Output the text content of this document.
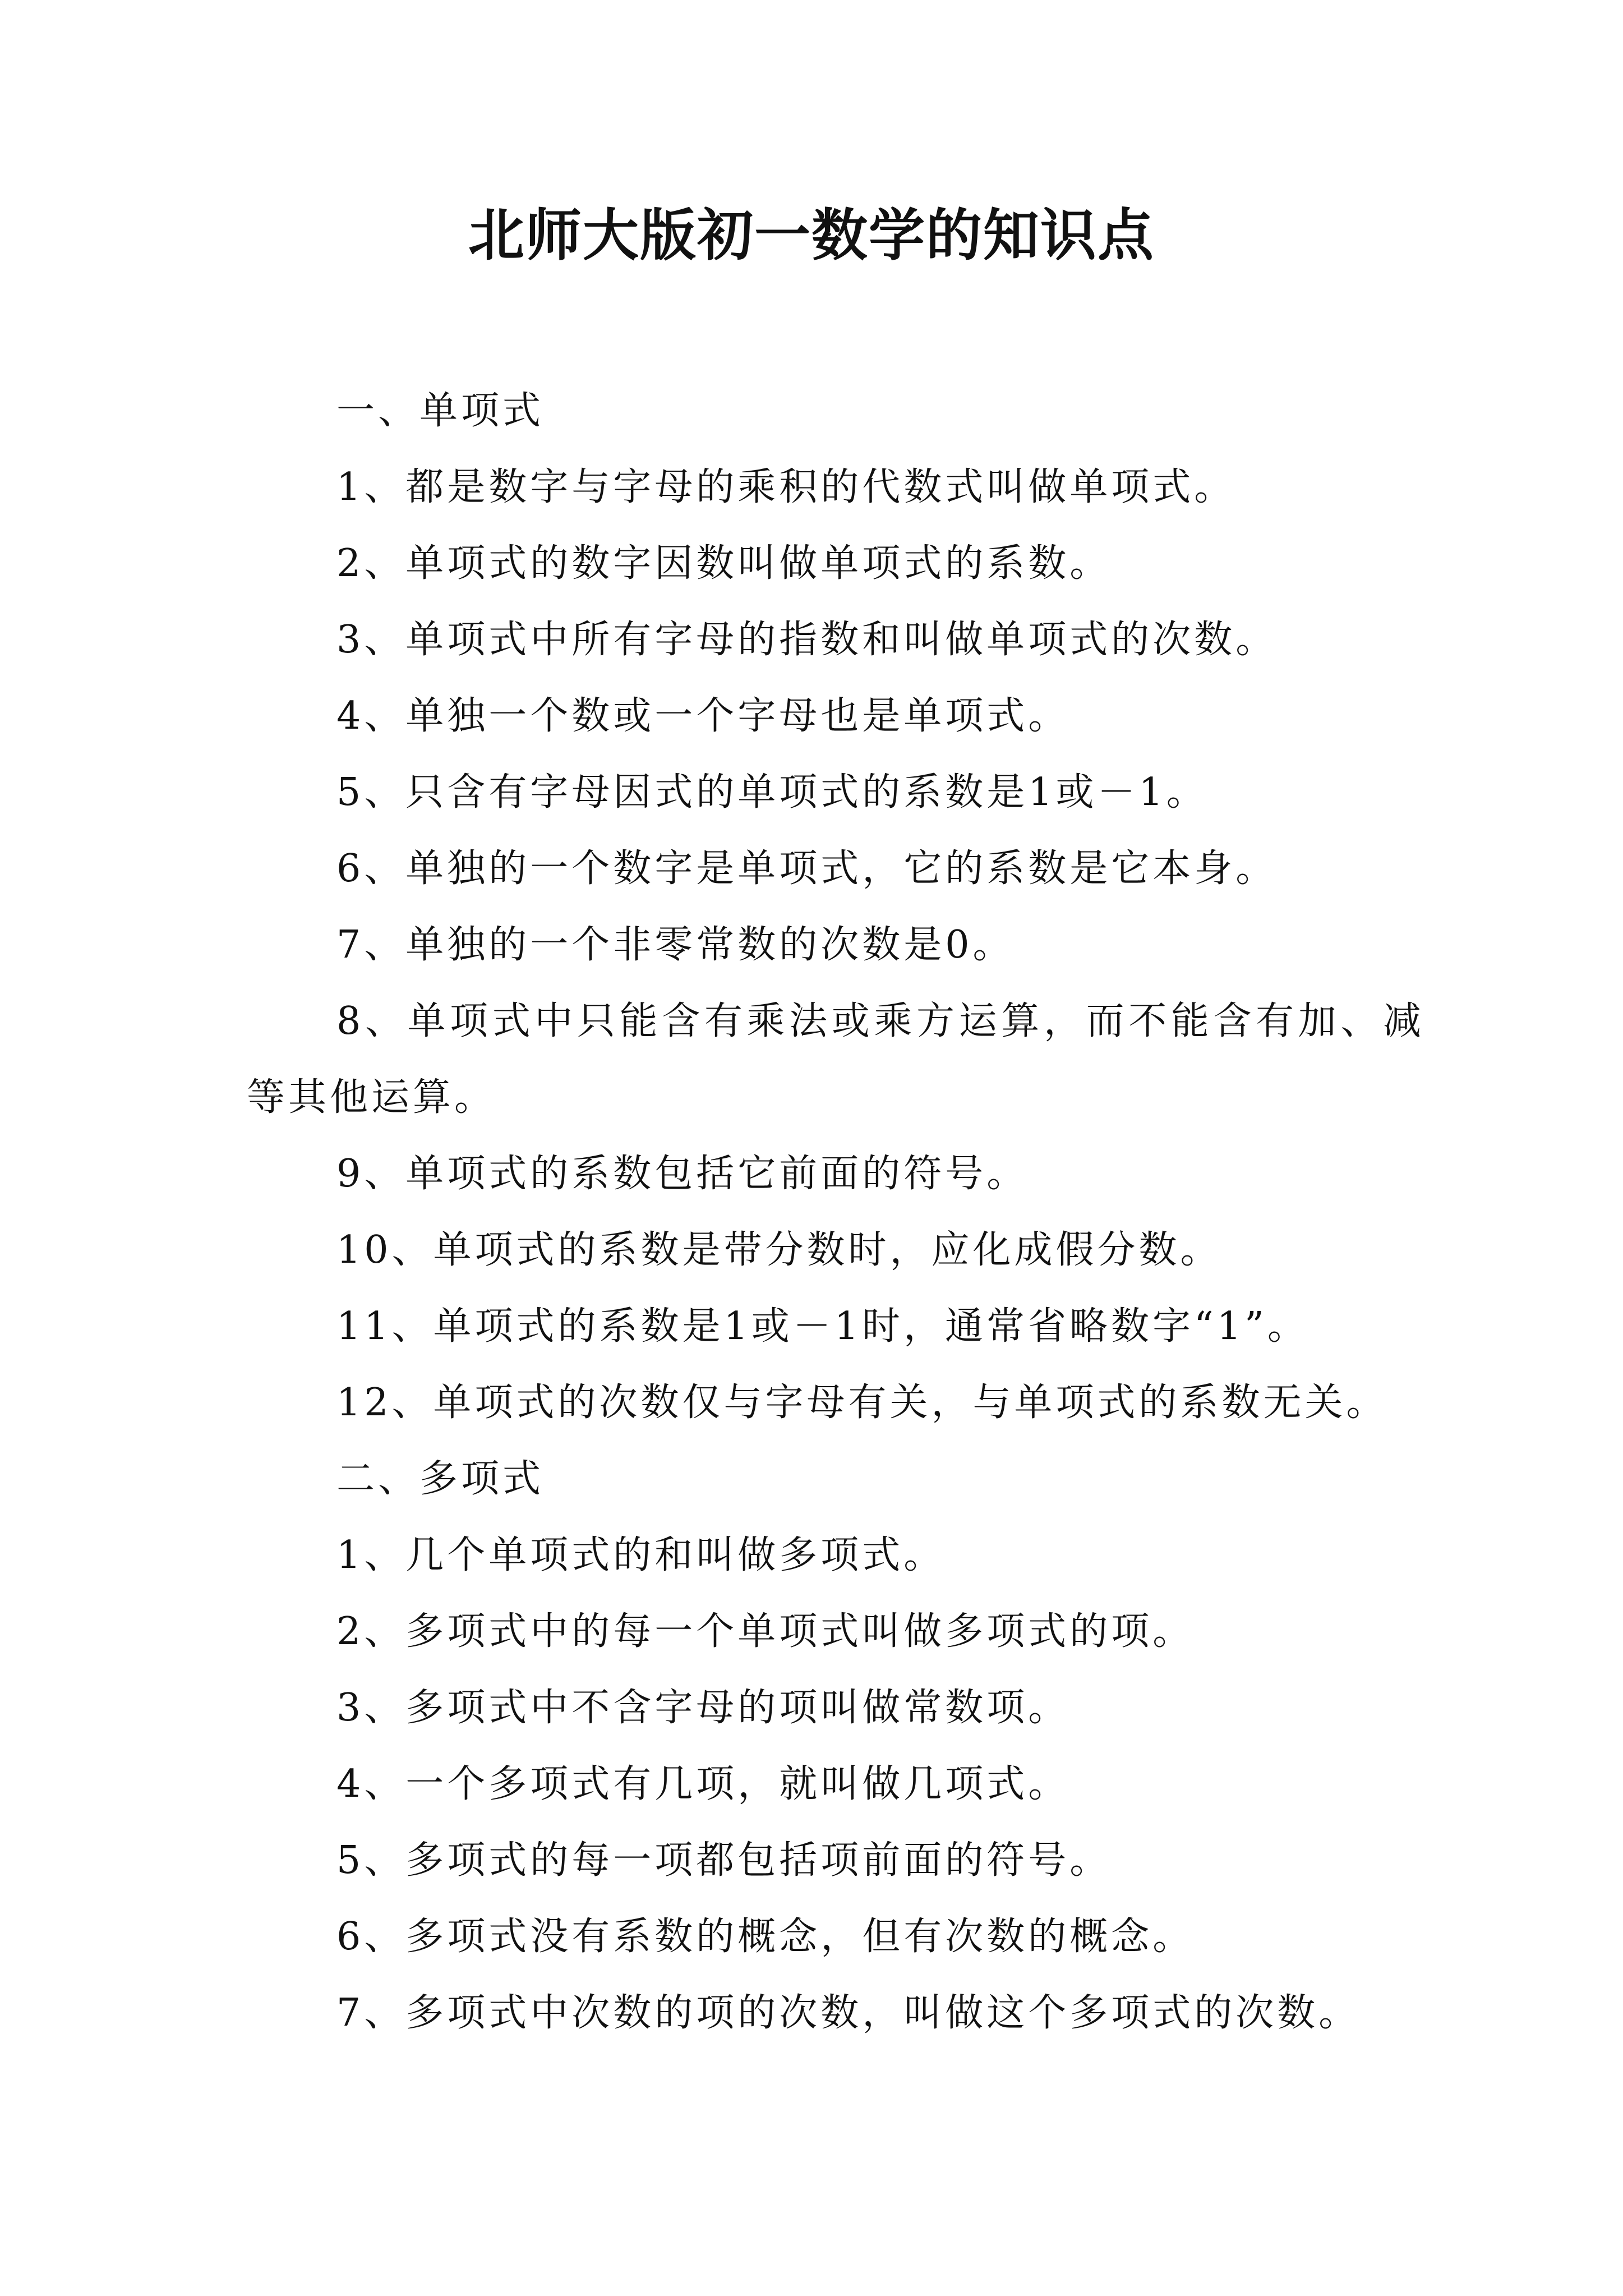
北师大版初一数学的知识点

一、单项式

1、都是数字与字母的乘积的代数式叫做单项式。

2、单项式的数字因数叫做单项式的系数。

3、单项式中所有字母的指数和叫做单项式的次数。

4、单独一个数或一个字母也是单项式。

5、只含有字母因式的单项式的系数是1或－1。

6、单独的一个数字是单项式，它的系数是它本身。

7、单独的一个非零常数的次数是0。

8、单项式中只能含有乘法或乘方运算，而不能含有加、减等其他运算。

9、单项式的系数包括它前面的符号。

10、单项式的系数是带分数时，应化成假分数。

11、单项式的系数是1或－1时，通常省略数字“1”。

12、单项式的次数仅与字母有关，与单项式的系数无关。

二、多项式

1、几个单项式的和叫做多项式。

2、多项式中的每一个单项式叫做多项式的项。

3、多项式中不含字母的项叫做常数项。

4、一个多项式有几项，就叫做几项式。

5、多项式的每一项都包括项前面的符号。

6、多项式没有系数的概念，但有次数的概念。

7、多项式中次数的项的次数，叫做这个多项式的次数。
